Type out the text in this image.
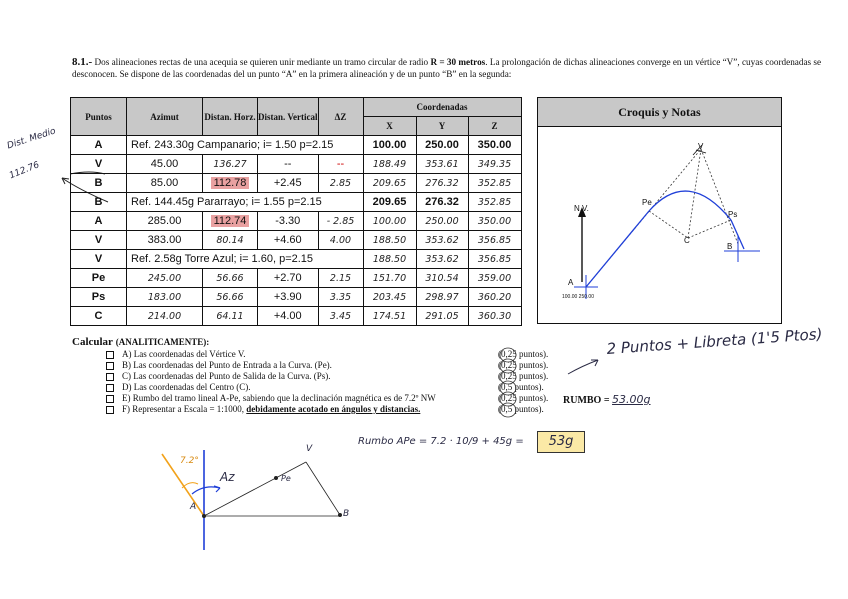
8.1.- Dos alineaciones rectas de una acequia se quieren unir mediante un tramo circular de radio R = 30 metros. La prolongación de dichas alineaciones converge en un vértice “V”, cuyas coordenadas se desconocen. Se dispone de las coordenadas del un punto “A” en la primera alineación y de un punto “B” en la segunda:
Dist. Medio
112.76
Puntos	Azimut	Distan. Horz.	Distan. Vertical	ΔZ	Coordenadas		
					X	Y	Z
A	Ref. 243.30g Campanario; i= 1.50 p=2.15				100.00	250.00	350.00
V	45.00	136.27	--	--	188.49	353.61	349.35
B	85.00	112.78	+2.45	2.85	209.65	276.32	352.85
B	Ref. 144.45g Pararrayo; i= 1.55 p=2.15				209.65	276.32	352.85
A	285.00	112.74	-3.30	- 2.85	100.00	250.00	350.00
V	383.00	80.14	+4.60	4.00	188.50	353.62	356.85
V	Ref. 2.58g Torre Azul; i= 1.60, p=2.15				188.50	353.62	356.85
Pe	245.00	56.66	+2.70	2.15	151.70	310.54	359.00
Ps	183.00	56.66	+3.90	3.35	203.45	298.97	360.20
C	214.00	64.11	+4.00	3.45	174.51	291.05	360.30
Croquis y Notas
N.V.
V
Pe
Ps
C
B
A
100.00 250.00
Calcular (ANALITICAMENTE):
A) Las coordenadas del Vértice V.
B) Las coordenadas del Punto de Entrada a la Curva. (Pe).
C) Las coordenadas del Punto de Salida de la Curva. (Ps).
D) Las coordenadas del Centro (C).
E) Rumbo del tramo lineal A-Pe, sabiendo que la declinación magnética es de 7.2º NW
F) Representar a Escala = 1:1000, debidamente acotado en ángulos y distancias.
(0,25 puntos).
(0,25 puntos).
(0,25 puntos).
(0,5 puntos).
(0,25 puntos).
(0,5 puntos).
RUMBO = 53.00g
2 Puntos + Libreta (1'5 Ptos)
Rumbo APe = 7.2 · 10/9 + 45g =	53g
7.2°
Az
A
B
V
Pe
